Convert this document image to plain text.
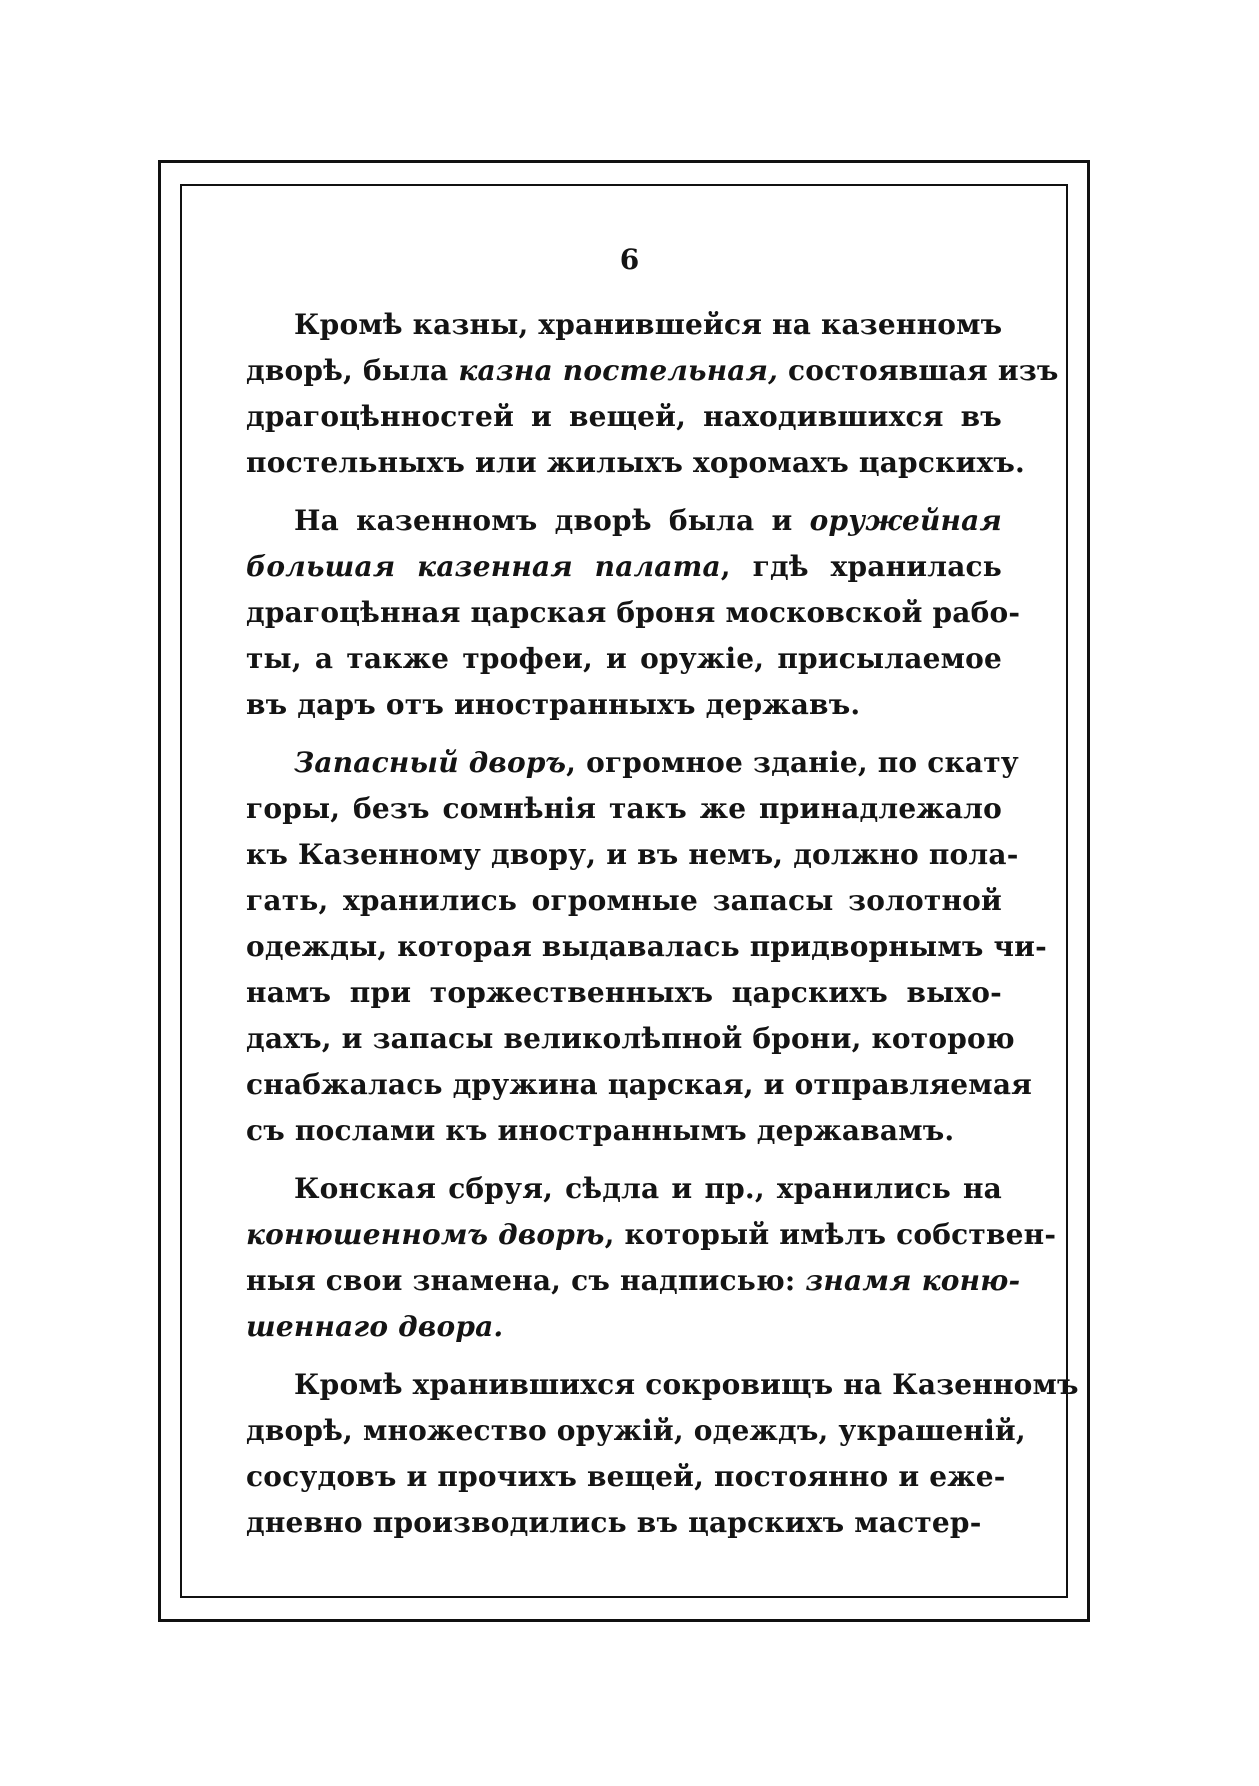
6
Кромѣ казны, хранившейся на казенномъ
дворѣ, была казна постельная, состоявшая изъ
драгоцѣнностей и вещей, находившихся въ
постельныхъ или жилыхъ хоромахъ царскихъ.
На казенномъ дворѣ была и оружейная
большая казенная палата, гдѣ хранилась
драгоцѣнная царская броня московской рабо-
ты, а также трофеи, и оружіе, присылаемое
въ даръ отъ иностранныхъ державъ.
Запасный дворъ, огромное зданіе, по скату
горы, безъ сомнѣнія такъ же принадлежало
къ Казенному двору, и въ немъ, должно пола-
гать, хранились огромные запасы золотной
одежды, которая выдавалась придворнымъ чи-
намъ при торжественныхъ царскихъ выхо-
дахъ, и запасы великолѣпной брони, которою
снабжалась дружина царская, и отправляемая
съ послами къ иностраннымъ державамъ.
Конская сбруя, сѣдла и пр., хранились на
конюшенномъ дворѣ, который имѣлъ собствен-
ныя свои знамена, съ надписью: знамя коню-
шеннаго двора.
Кромѣ хранившихся сокровищъ на Казенномъ
дворѣ, множество оружій, одеждъ, украшеній,
сосудовъ и прочихъ вещей, постоянно и еже-
дневно производились въ царскихъ мастер-
